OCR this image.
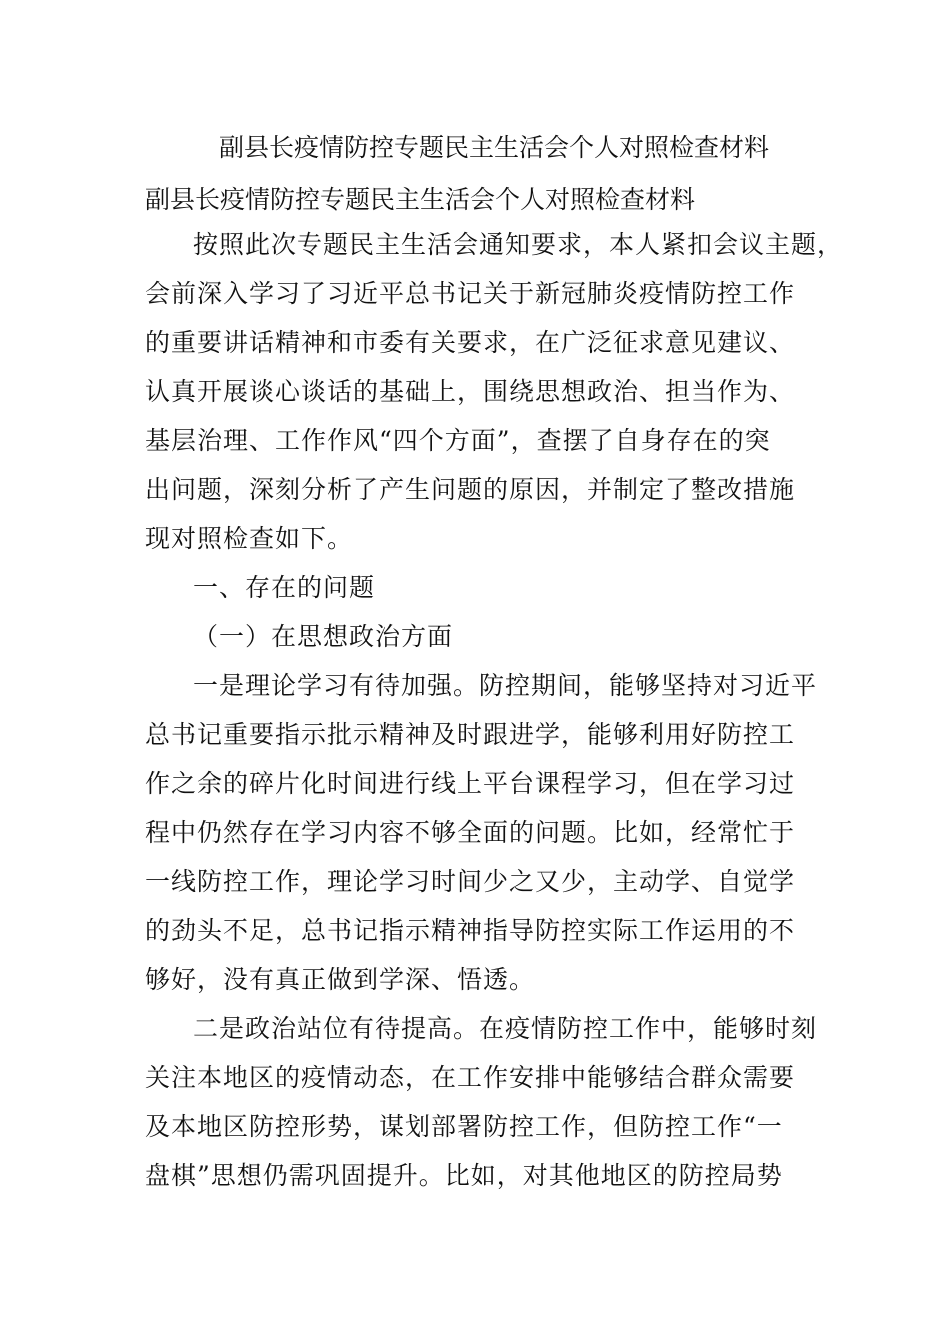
副县长疫情防控专题民主生活会个人对照检查材料
副县长疫情防控专题民主生活会个人对照检查材料
按照此次专题民主生活会通知要求，本人紧扣会议主题，
会前深入学习了习近平总书记关于新冠肺炎疫情防控工作
的重要讲话精神和市委有关要求，在广泛征求意见建议、
认真开展谈心谈话的基础上，围绕思想政治、担当作为、
基层治理、工作作风“四个方面”，查摆了自身存在的突
出问题，深刻分析了产生问题的原因，并制定了整改措施
现对照检查如下。
一、存在的问题
（一）在思想政治方面
一是理论学习有待加强。防控期间，能够坚持对习近平
总书记重要指示批示精神及时跟进学，能够利用好防控工
作之余的碎片化时间进行线上平台课程学习，但在学习过
程中仍然存在学习内容不够全面的问题。比如，经常忙于
一线防控工作，理论学习时间少之又少，主动学、自觉学
的劲头不足，总书记指示精神指导防控实际工作运用的不
够好，没有真正做到学深、悟透。
二是政治站位有待提高。在疫情防控工作中，能够时刻
关注本地区的疫情动态，在工作安排中能够结合群众需要
及本地区防控形势，谋划部署防控工作，但防控工作“一
盘棋”思想仍需巩固提升。比如，对其他地区的防控局势
